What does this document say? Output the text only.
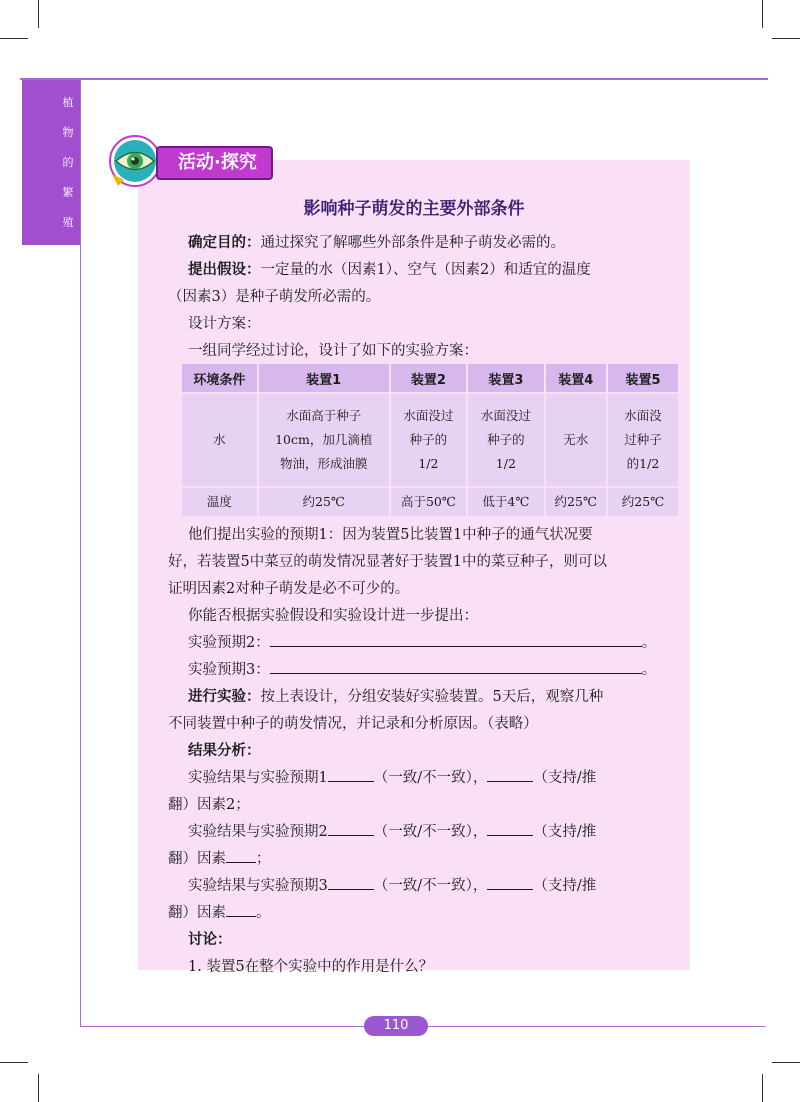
植
物
的
繁
殖
活动·探究
影响种子萌发的主要外部条件
确定目的：通过探究了解哪些外部条件是种子萌发必需的。
提出假设：一定量的水（因素1）、空气（因素2）和适宜的温度
（因素3）是种子萌发所必需的。
设计方案：
一组同学经过讨论，设计了如下的实验方案：
环境条件	装置1	装置2	装置3	装置4	装置5
水	水面高于种子
10cm，加几滴植
物油，形成油膜	水面没过
种子的
1/2	水面没过
种子的
1/2	无水	水面没
过种子
的1/2
温度	约25℃	高于50℃	低于4℃	约25℃	约25℃
他们提出实验的预期1：因为装置5比装置1中种子的通气状况要
好，若装置5中菜豆的萌发情况显著好于装置1中的菜豆种子，则可以
证明因素2对种子萌发是必不可少的。
你能否根据实验假设和实验设计进一步提出：
实验预期2：	。
实验预期3：	。
进行实验：按上表设计，分组安装好实验装置。5天后，观察几种
不同装置中种子的萌发情况，并记录和分析原因。（表略）
结果分析：
实验结果与实验预期1	（一致/不一致），	（支持/推
翻）因素2；
实验结果与实验预期2	（一致/不一致），	（支持/推
翻）因素 ；
实验结果与实验预期3	（一致/不一致），	（支持/推
翻）因素 。
讨论：
1. 装置5在整个实验中的作用是什么？
110
